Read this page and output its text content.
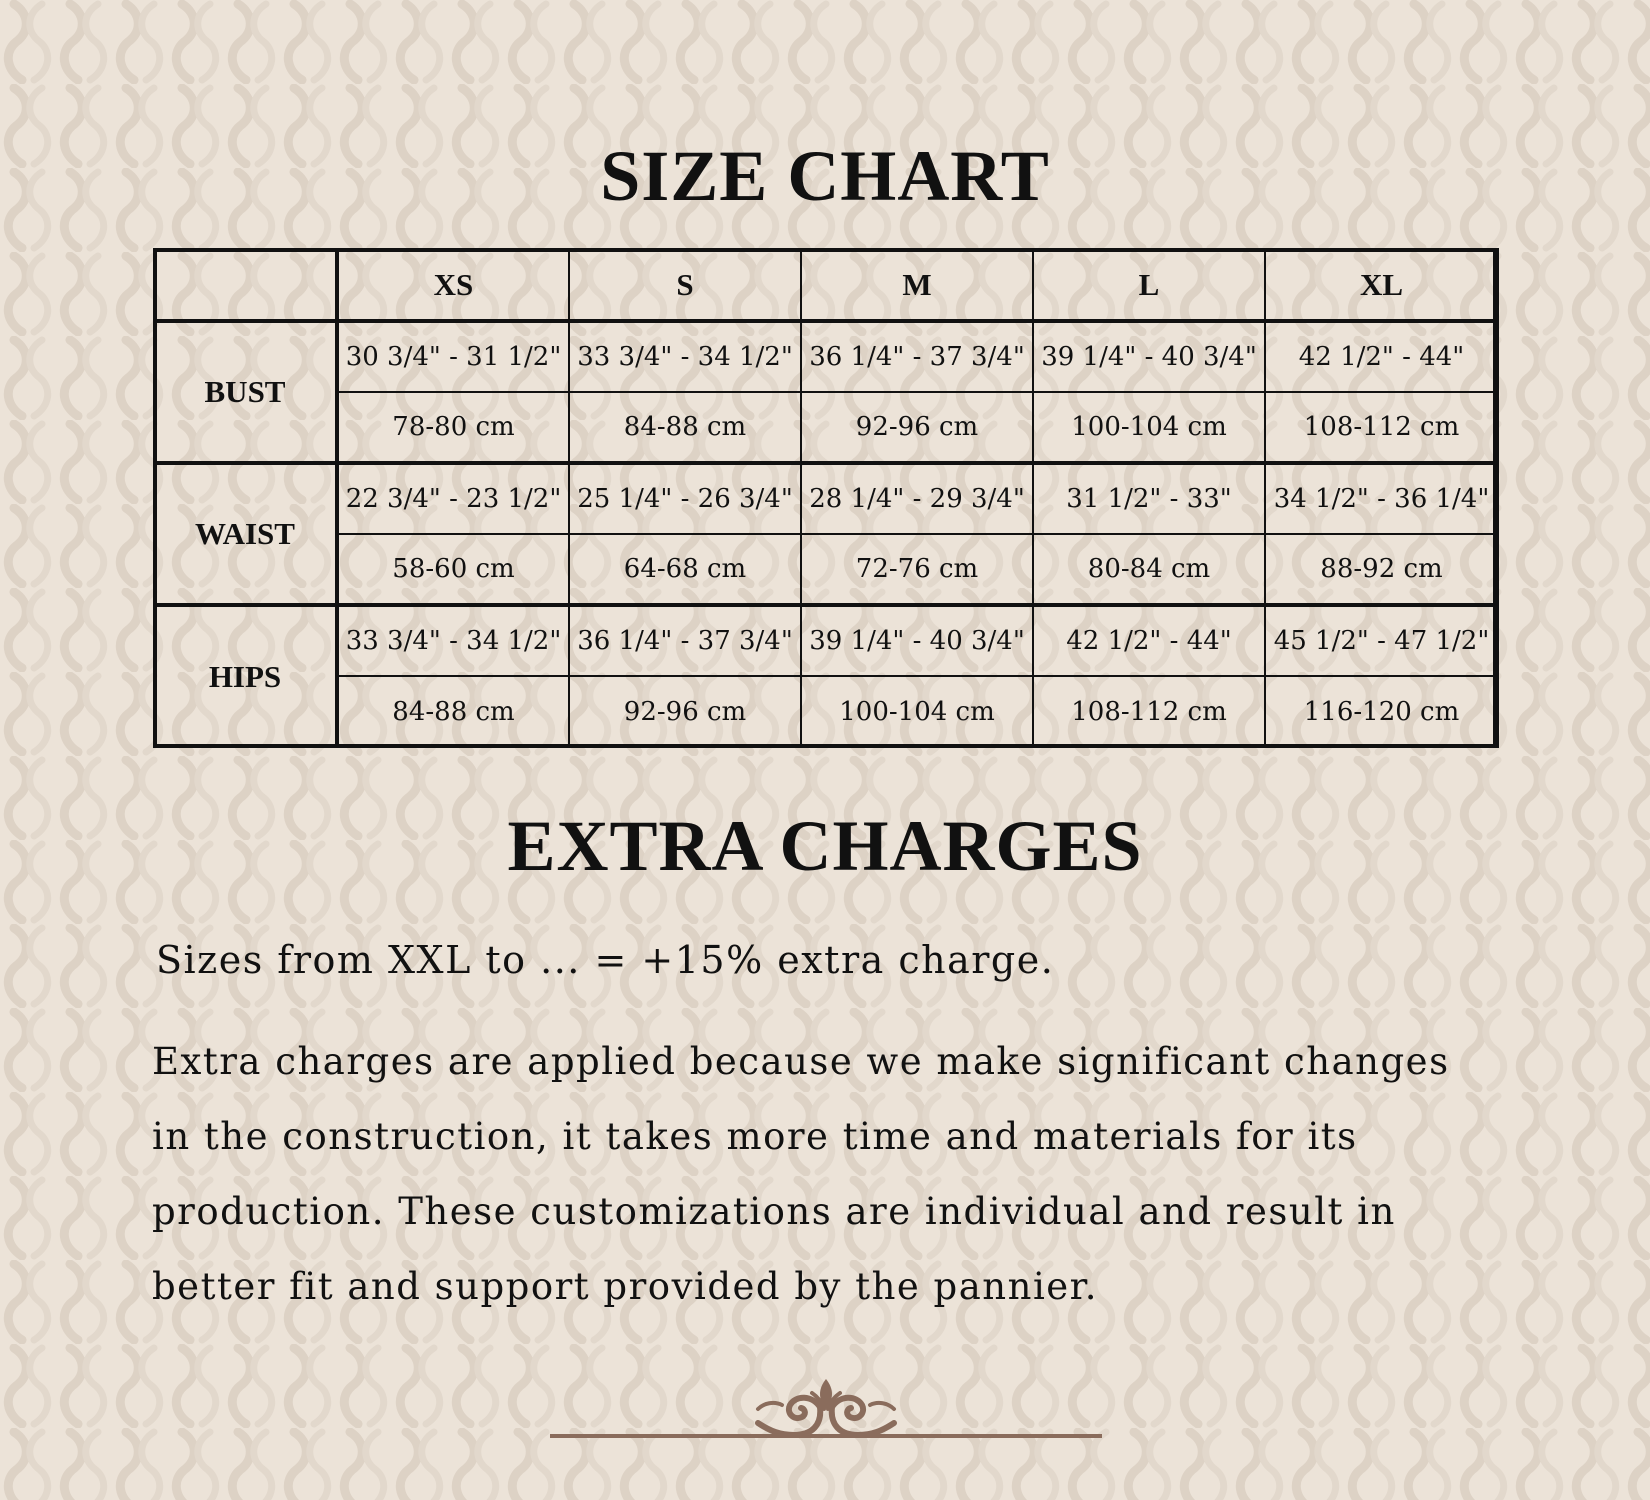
SIZE CHART
	XS	S	M	L	XL
BUST	30 3/4" - 31 1/2"	33 3/4" - 34 1/2"	36 1/4" - 37 3/4"	39 1/4" - 40 3/4"	42 1/2" - 44"
	78-80 cm	84-88 cm	92-96 cm	100-104 cm	108-112 cm
WAIST	22 3/4" - 23 1/2"	25 1/4" - 26 3/4"	28 1/4" - 29 3/4"	31 1/2" - 33"	34 1/2" - 36 1/4"
	58-60 cm	64-68 cm	72-76 cm	80-84 cm	88-92 cm
HIPS	33 3/4" - 34 1/2"	36 1/4" - 37 3/4"	39 1/4" - 40 3/4"	42 1/2" - 44"	45 1/2" - 47 1/2"
	84-88 cm	92-96 cm	100-104 cm	108-112 cm	116-120 cm
EXTRA CHARGES
Sizes from XXL to ... = +15% extra charge.

Extra charges are applied because we make significant changes

in the construction, it takes more time and materials for its

production. These customizations are individual and result in

better fit and support provided by the pannier.
